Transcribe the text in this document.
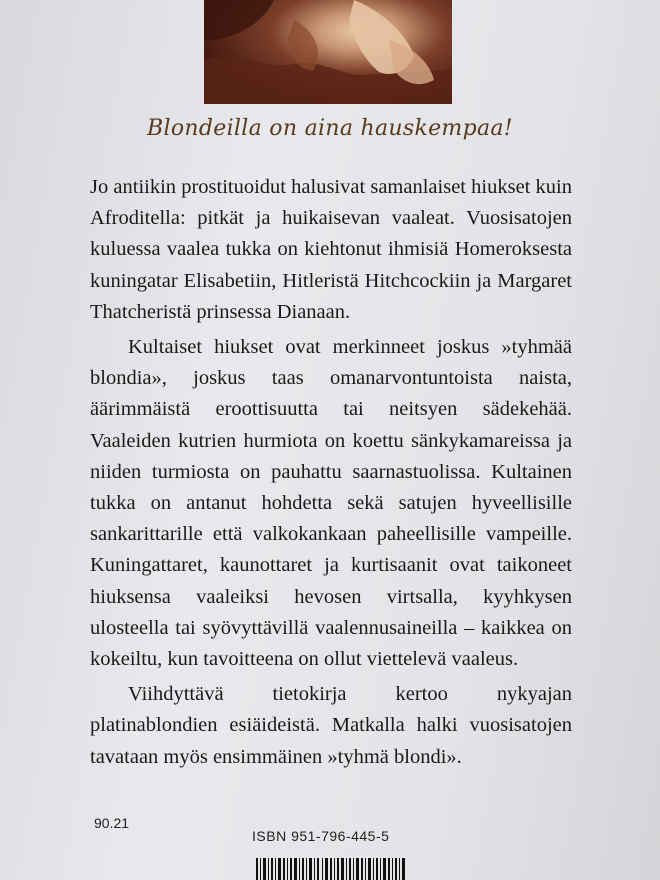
Blondeilla on aina hauskempaa!

Jo antiikin prostituoidut halusivat samanlaiset hiukset kuin Afroditella: pitkät ja huikaisevan vaaleat. Vuosisatojen kuluessa vaalea tukka on kiehtonut ihmisiä Homeroksesta kuningatar Elisabetiin, Hitleristä Hitchcockiin ja Margaret Thatcheristä prinsessa Dianaan.

Kultaiset hiukset ovat merkinneet joskus »tyhmää blondia», joskus taas omanarvontuntoista naista, äärimmäistä eroottisuutta tai neitsyen sädekehää. Vaaleiden kutrien hurmiota on koettu sänkykamareissa ja niiden turmiosta on pauhattu saarnastuolissa. Kultainen tukka on antanut hohdetta sekä satujen hyveellisille sankarittarille että valkokankaan paheellisille vampeille. Kuningattaret, kaunottaret ja kurtisaanit ovat taikoneet hiuksensa vaaleiksi hevosen virtsalla, kyyhkysen ulosteella tai syövyttävillä vaalennusaineilla – kaikkea on kokeiltu, kun tavoitteena on ollut viettelevä vaaleus.

Viihdyttävä tietokirja kertoo nykyajan platinablondien esiäideistä. Matkalla halki vuosisatojen tavataan myös ensimmäinen »tyhmä blondi».

90.21
ISBN 951-796-445-5
